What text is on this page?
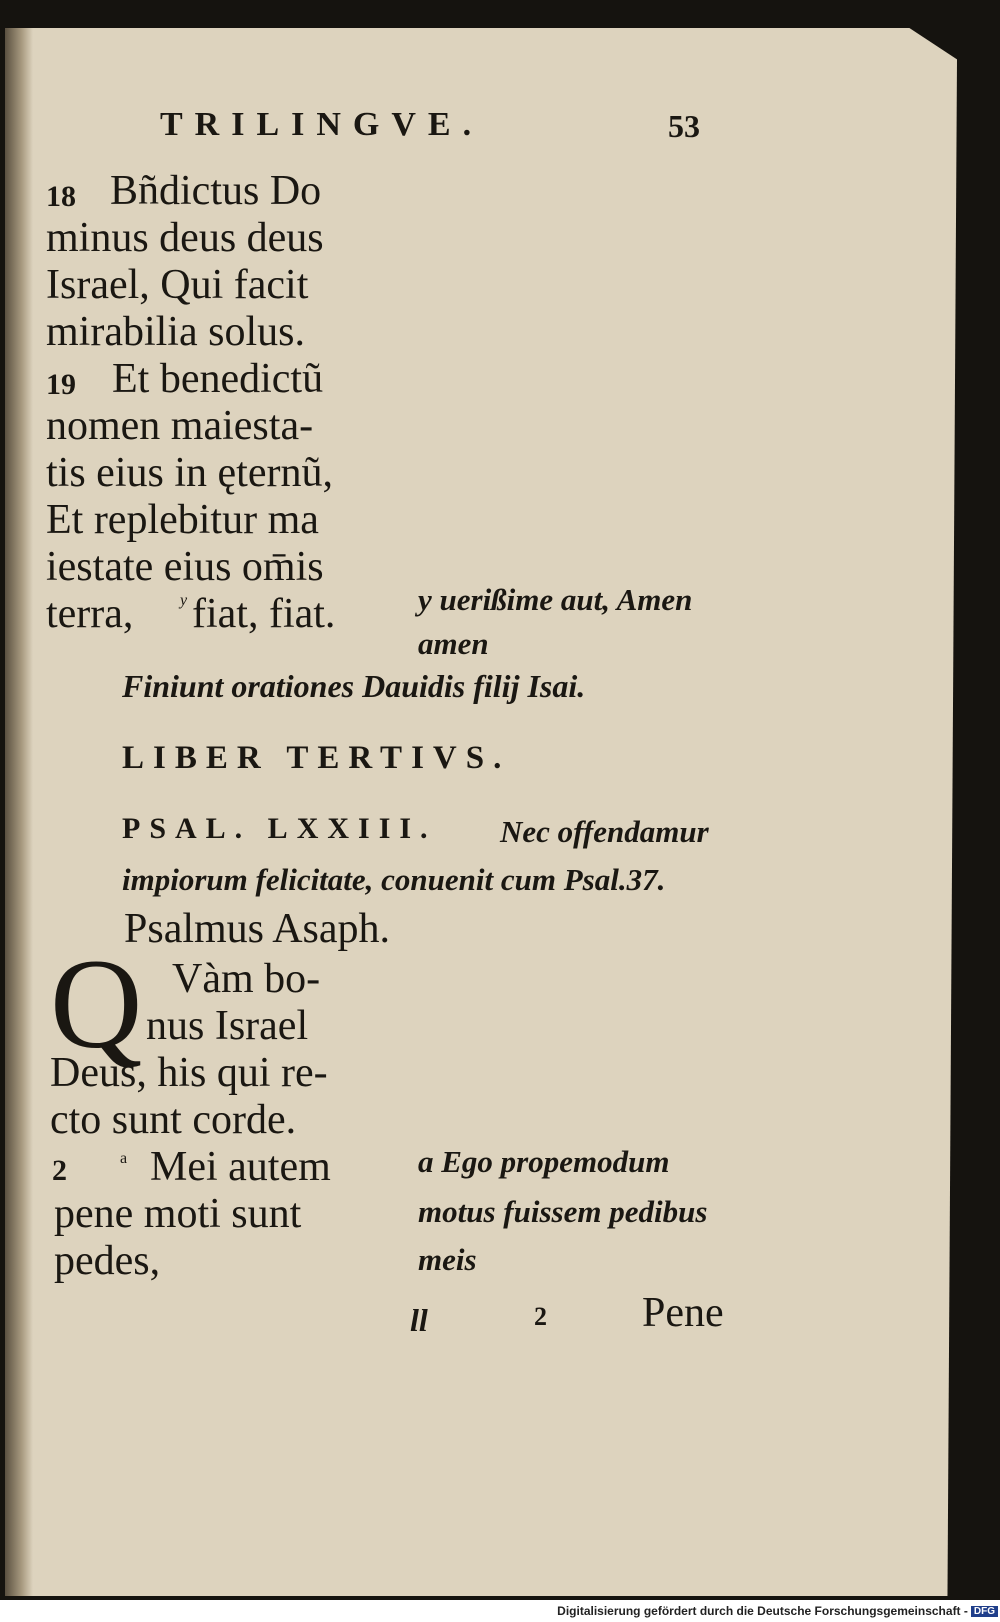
TRILINGVE.	53
18 Bñdictus Do
minus deus deus
Israel, Qui facit
mirabilia solus.
19 Et benedictũ
nomen maiesta-
tis eius in ęternũ,
Et replebitur ma
iestate eius om̄is
terra,	y fiat, fiat.	y uerißime aut, Amen
amen
Finiunt orationes Dauidis filij Isai.
LIBER TERTIVS.
PSAL. LXXIII. Nec offendamur
impiorum felicitate, conuenit cum Psal.37.
Psalmus Asaph.
Q Vàm bo-
nus Israel
Deus, his qui re-
cto sunt corde.
2	a Mei autem
pene moti sunt
pedes,
a Ego propemodum
motus fuissem pedibus
meis
ll	2 Pene
Digitalisierung gefördert durch die Deutsche Forschungsgemeinschaft - DFG
